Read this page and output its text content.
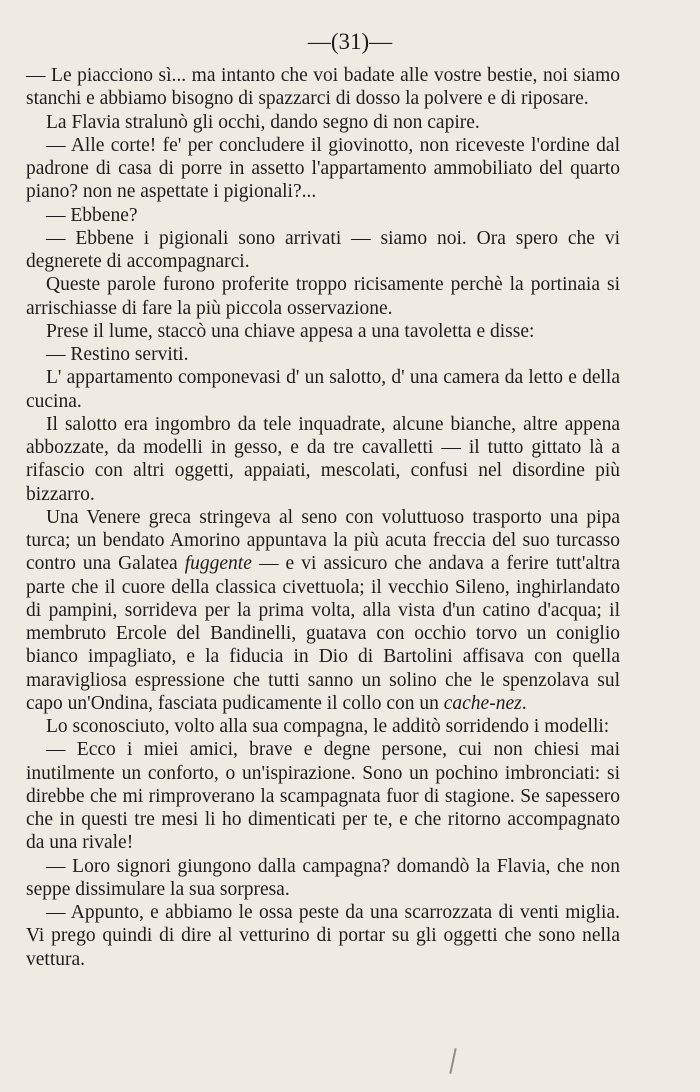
—(31)—

— Le piacciono sì... ma intanto che voi badate alle vostre bestie, noi siamo stanchi e abbiamo bisogno di spazzarci di dosso la polvere e di riposare.

La Flavia stralunò gli occhi, dando segno di non capire.

— Alle corte! fe' per concludere il giovinotto, non riceveste l'ordine dal padrone di casa di porre in assetto l'appartamento ammobiliato del quarto piano? non ne aspettate i pigionali?...

— Ebbene?

— Ebbene i pigionali sono arrivati — siamo noi. Ora spero che vi degnerete di accompagnarci.

Queste parole furono proferite troppo ricisamente perchè la portinaia si arrischiasse di fare la più piccola osservazione.

Prese il lume, staccò una chiave appesa a una tavoletta e disse:

— Restino serviti.

L' appartamento componevasi d' un salotto, d' una camera da letto e della cucina.

Il salotto era ingombro da tele inquadrate, alcune bianche, altre appena abbozzate, da modelli in gesso, e da tre cavalletti — il tutto gittato là a rifascio con altri oggetti, appaiati, mescolati, confusi nel disordine più bizzarro.

Una Venere greca stringeva al seno con voluttuoso trasporto una pipa turca; un bendato Amorino appuntava la più acuta freccia del suo turcasso contro una Galatea fuggente — e vi assicuro che andava a ferire tutt'altra parte che il cuore della classica civettuola; il vecchio Sileno, inghirlandato di pampini, sorrideva per la prima volta, alla vista d'un catino d'acqua; il membruto Ercole del Bandinelli, guatava con occhio torvo un coniglio bianco impagliato, e la fiducia in Dio di Bartolini affisava con quella maravigliosa espressione che tutti sanno un solino che le spenzolava sul capo un'Ondina, fasciata pudicamente il collo con un cache-nez.

Lo sconosciuto, volto alla sua compagna, le additò sorridendo i modelli:

— Ecco i miei amici, brave e degne persone, cui non chiesi mai inutilmente un conforto, o un'ispirazione. Sono un pochino imbronciati: si direbbe che mi rimproverano la scampagnata fuor di stagione. Se sapessero che in questi tre mesi li ho dimenticati per te, e che ritorno accompagnato da una rivale!

— Loro signori giungono dalla campagna? domandò la Flavia, che non seppe dissimulare la sua sorpresa.

— Appunto, e abbiamo le ossa peste da una scarrozzata di venti miglia. Vi prego quindi di dire al vetturino di portar su gli oggetti che sono nella vettura.
